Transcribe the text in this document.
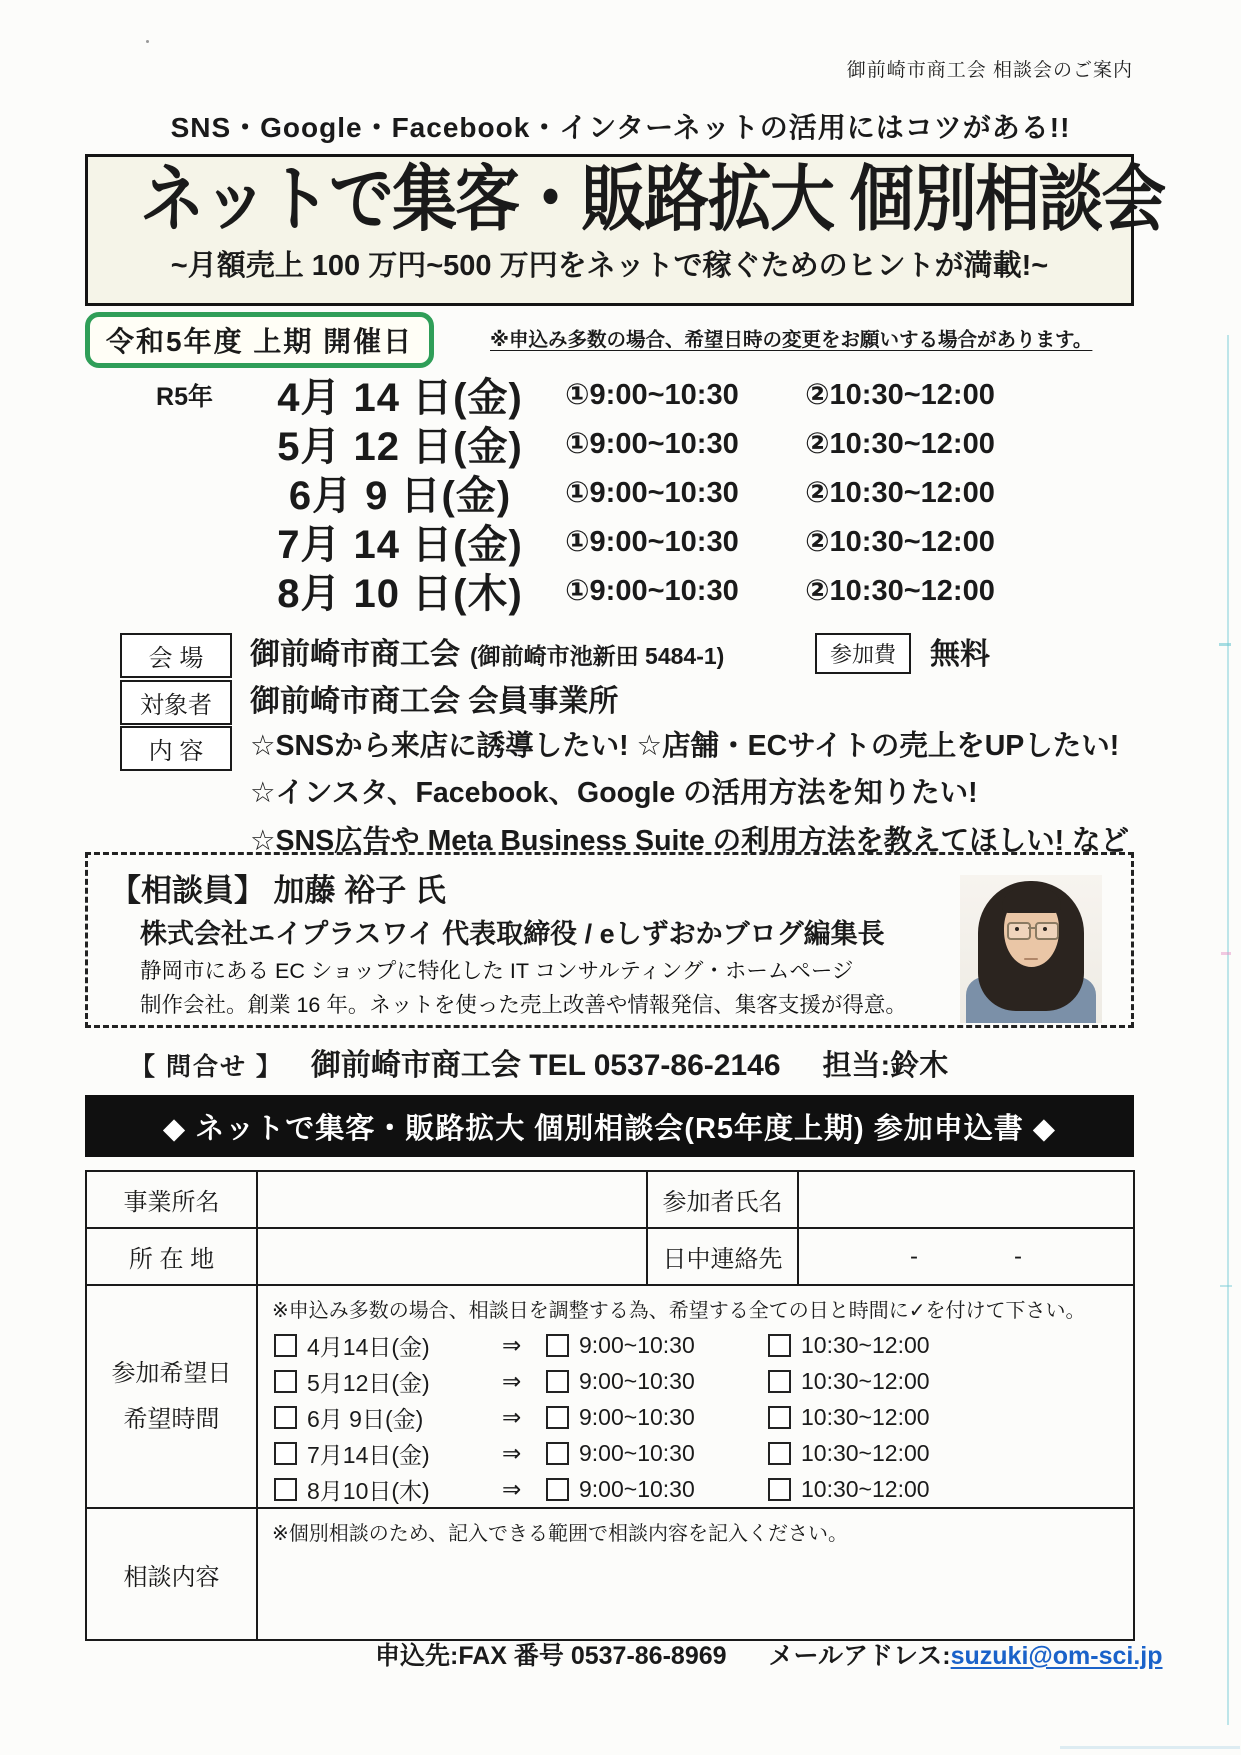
御前崎市商工会 相談会のご案内
SNS・Google・Facebook・インターネットの活用にはコツがある!!
ネットで集客・販路拡大 個別相談会
~月額売上 100 万円~500 万円をネットで稼ぐためのヒントが満載!~
令和5年度 上期 開催日	※申込み多数の場合、希望日時の変更をお願いする場合があります。
R5年	4月 14 日(金)	①9:00~10:30	②10:30~12:00
5月 12 日(金)	①9:00~10:30	②10:30~12:00
6月 9 日(金)	①9:00~10:30	②10:30~12:00
7月 14 日(金)	①9:00~10:30	②10:30~12:00
8月 10 日(木)	①9:00~10:30	②10:30~12:00
会 場	御前崎市商工会 (御前崎市池新田 5484-1)	参加費	無料
対象者	御前崎市商工会 会員事業所
内 容	☆SNSから来店に誘導したい! ☆店舗・ECサイトの売上をUPしたい!
☆インスタ、Facebook、Google の活用方法を知りたい!
☆SNS広告や Meta Business Suite の利用方法を教えてほしい! など
【相談員】 加藤 裕子 氏
株式会社エイプラスワイ 代表取締役 / eしずおかブログ編集長
静岡市にある EC ショップに特化した IT コンサルティング・ホームページ
制作会社。創業 16 年。ネットを使った売上改善や情報発信、集客支援が得意。
【 問合せ 】 御前崎市商工会 TEL 0537-86-2146 担当:鈴木
◆ ネットで集客・販路拡大 個別相談会(R5年度上期) 参加申込書 ◆
事業所名		参加者氏名	
所 在 地		日中連絡先	- -

参加希望日
希望時間

※申込み多数の場合、相談日を調整する為、希望する全ての日と時間に✓を付けて下さい。
4月14日(金)	⇒	9:00~10:30	10:30~12:00
5月12日(金)	⇒	9:00~10:30	10:30~12:00
6月 9日(金)	⇒	9:00~10:30	10:30~12:00
7月14日(金)	⇒	9:00~10:30	10:30~12:00
8月10日(木)	⇒	9:00~10:30	10:30~12:00

相談内容	※個別相談のため、記入できる範囲で相談内容を記入ください。		
申込先:FAX 番号 0537-86-8969 メールアドレス:suzuki@om-sci.jp
